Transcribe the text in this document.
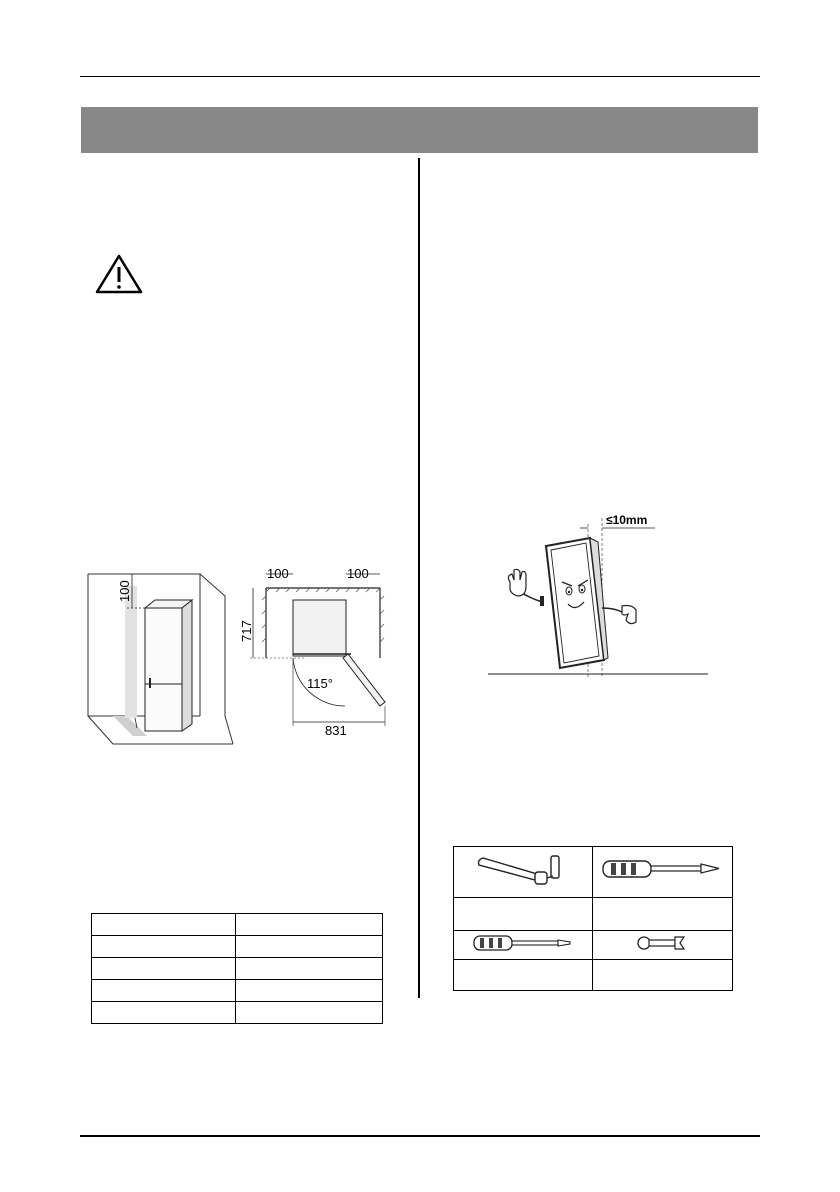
100
100	100
717
115°
831
≤10mm
